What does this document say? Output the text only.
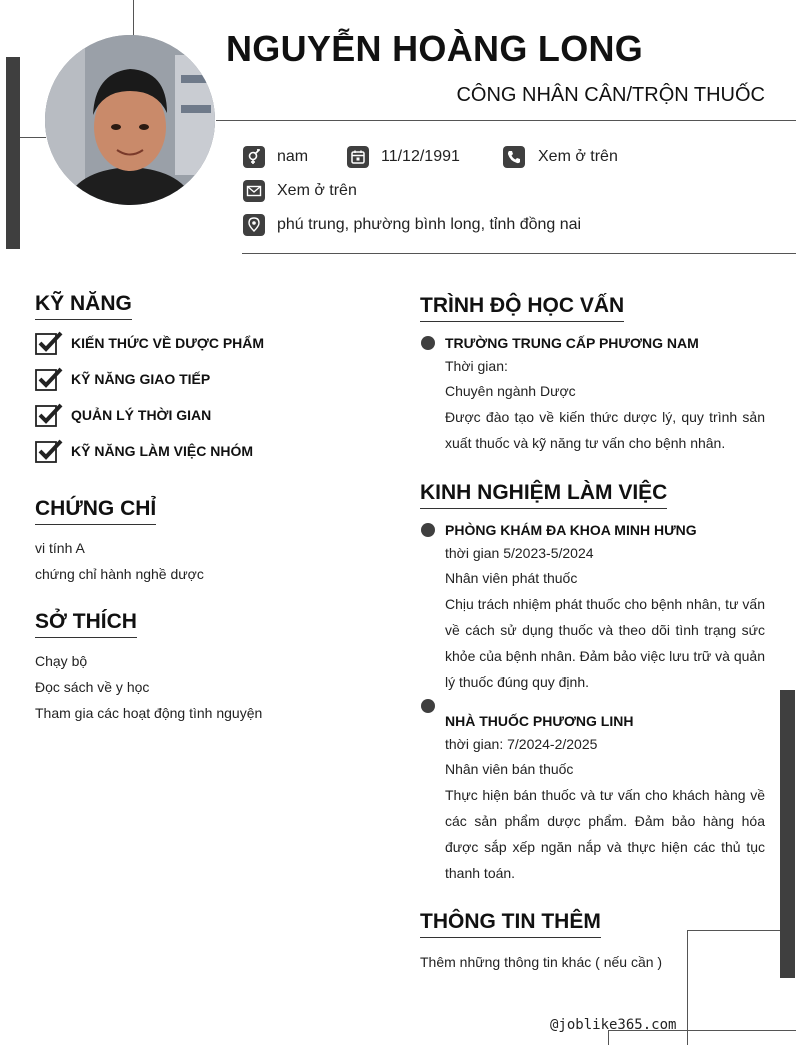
NGUYỄN HOÀNG LONG
CÔNG NHÂN CÂN/TRỘN THUỐC
nam	11/12/1991	Xem ở trên
Xem ở trên
phú trung, phường bình long, tỉnh đồng nai
KỸ NĂNG
KIẾN THỨC VỀ DƯỢC PHẨM
KỸ NĂNG GIAO TIẾP
QUẢN LÝ THỜI GIAN
KỸ NĂNG LÀM VIỆC NHÓM
CHỨNG CHỈ
vi tính A
chứng chỉ hành nghề dược
SỞ THÍCH
Chạy bộ
Đọc sách về y học
Tham gia các hoạt động tình nguyện
TRÌNH ĐỘ HỌC VẤN
TRƯỜNG TRUNG CẤP PHƯƠNG NAM
Thời gian:
Chuyên ngành Dược
Được đào tạo về kiến thức dược lý, quy trình sản xuất thuốc và kỹ năng tư vấn cho bệnh nhân.
KINH NGHIỆM LÀM VIỆC
PHÒNG KHÁM ĐA KHOA MINH HƯNG
thời gian 5/2023-5/2024
Nhân viên phát thuốc
Chịu trách nhiệm phát thuốc cho bệnh nhân, tư vấn về cách sử dụng thuốc và theo dõi tình trạng sức khỏe của bệnh nhân. Đảm bảo việc lưu trữ và quản lý thuốc đúng quy định.
NHÀ THUỐC PHƯƠNG LINH
thời gian: 7/2024-2/2025
Nhân viên bán thuốc
Thực hiện bán thuốc và tư vấn cho khách hàng về các sản phẩm dược phẩm. Đảm bảo hàng hóa được sắp xếp ngăn nắp và thực hiện các thủ tục thanh toán.
THÔNG TIN THÊM
Thêm những thông tin khác ( nếu cần )
@joblike365.com
